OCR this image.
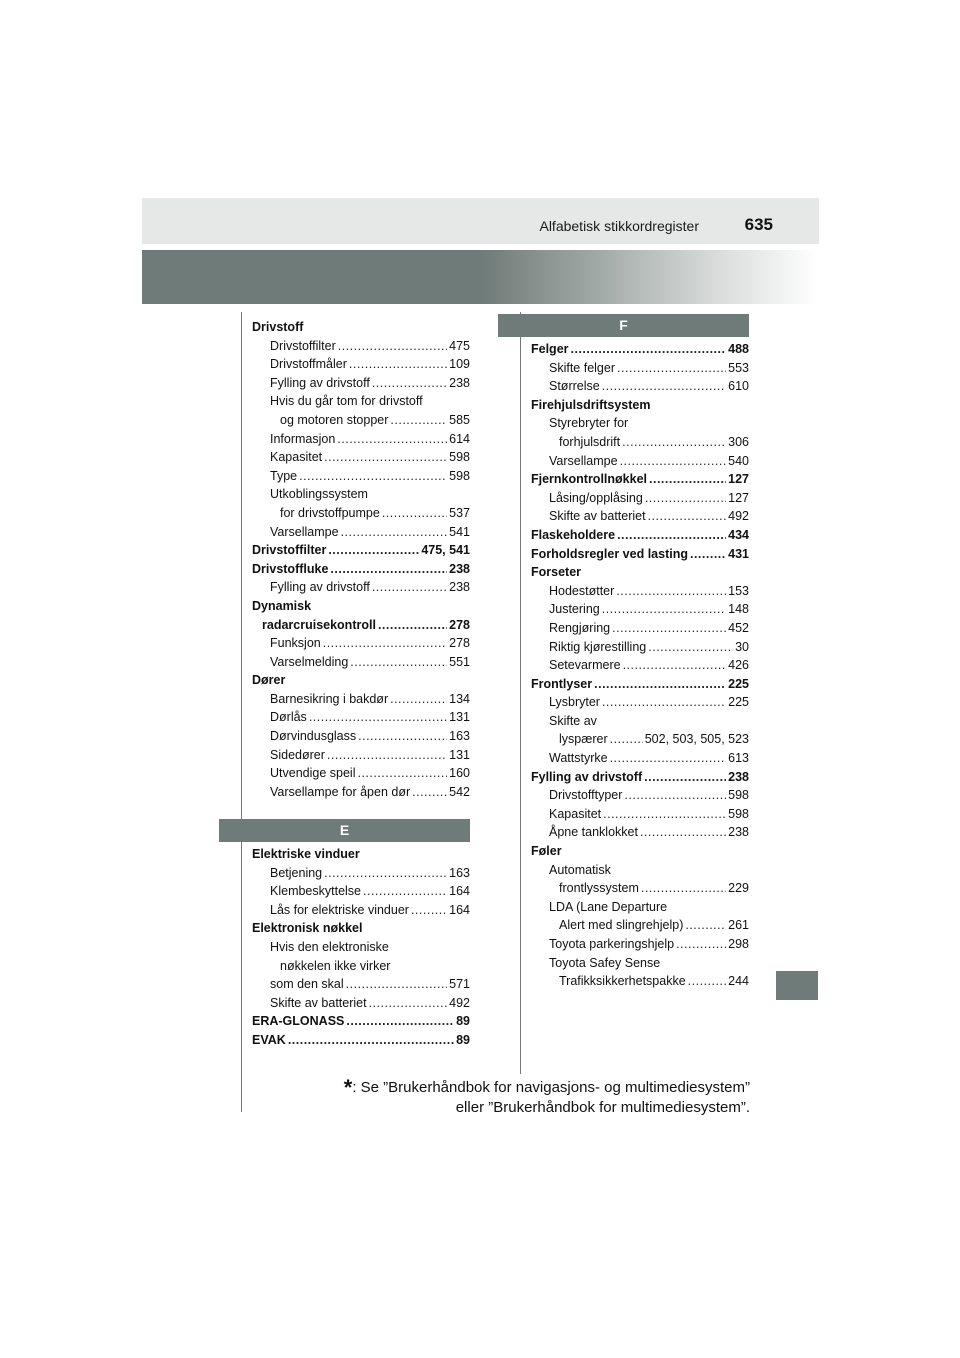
Alfabetisk stikkordregister	635
Drivstoff
Drivstoffilter .....	475
Drivstoffmåler .....	109
Fylling av drivstoff .....	238
Hvis du går tom for drivstoff
og motoren stopper .....	585
Informasjon .....	614
Kapasitet .....	598
Type .....	598
Utkoblingssystem
for drivstoffpumpe .....	537
Varsellampe .....	541
Drivstoffilter .....	475, 541
Drivstoffluke .....	238
Fylling av drivstoff .....	238
Dynamisk
radarcruisekontroll .....	278
Funksjon .....	278
Varselmelding .....	551
Dører
Barnesikring i bakdør .....	134
Dørlås .....	131
Dørvindusglass .....	163
Sidedører .....	131
Utvendige speil .....	160
Varsellampe for åpen dør .....	542
E
Elektriske vinduer
Betjening .....	163
Klembeskyttelse .....	164
Lås for elektriske vinduer .....	164
Elektronisk nøkkel
Hvis den elektroniske
nøkkelen ikke virker
som den skal .....	571
Skifte av batteriet .....	492
ERA-GLONASS .....	89
EVAK .....	89
F
Felger .....	488
Skifte felger .....	553
Størrelse .....	610
Firehjulsdriftsystem
Styrebryter for
forhjulsdrift .....	306
Varsellampe .....	540
Fjernkontrollnøkkel .....	127
Låsing/opplåsing .....	127
Skifte av batteriet .....	492
Flaskeholdere .....	434
Forholdsregler ved lasting .....	431
Forseter
Hodestøtter .....	153
Justering .....	148
Rengjøring .....	452
Riktig kjørestilling .....	30
Setevarmere .....	426
Frontlyser .....	225
Lysbryter .....	225
Skifte av
lyspærer .....	502, 503, 505, 523
Wattstyrke .....	613
Fylling av drivstoff .....	238
Drivstofftyper .....	598
Kapasitet .....	598
Åpne tanklokket .....	238
Føler
Automatisk
frontlyssystem .....	229
LDA (Lane Departure
Alert med slingrehjelp) .....	261
Toyota parkeringshjelp .....	298
Toyota Safey Sense
Trafikksikkerhetspakke .....	244
*: Se ”Brukerhåndbok for navigasjons- og multimediesystem”
eller ”Brukerhåndbok for multimediesystem”.
